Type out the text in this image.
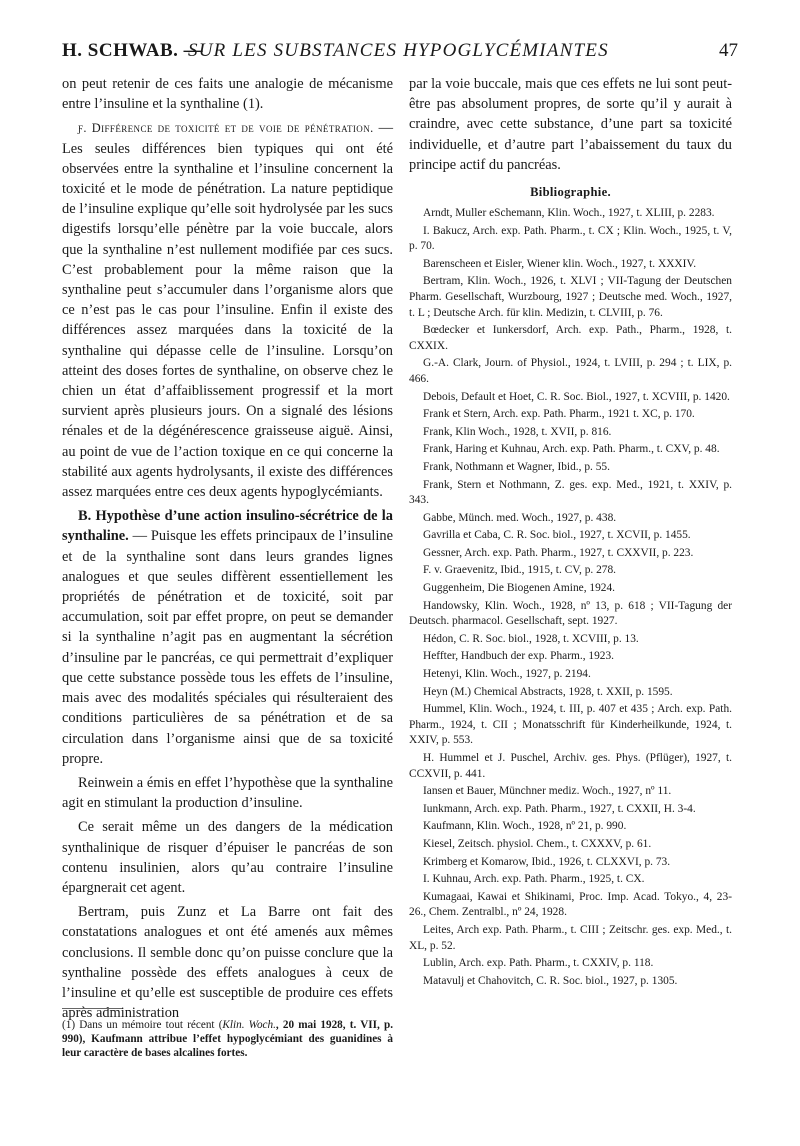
H. SCHWAB. —
SUR LES SUBSTANCES HYPOGLYCÉMIANTES	47

on peut retenir de ces faits une analogie de mécanisme entre l’insuline et la synthaline (1).

ƒ. Différence de toxicité et de voie de pénétration. — Les seules différences bien typiques qui ont été observées entre la synthaline et l’insuline concernent la toxicité et le mode de pénétration. La nature peptidique de l’insuline explique qu’elle soit hydrolysée par les sucs digestifs lorsqu’elle pénètre par la voie buccale, alors que la synthaline n’est nullement modifiée par ces sucs. C’est probablement pour la même raison que la synthaline peut s’accumuler dans l’organisme alors que ce n’est pas le cas pour l’insuline. Enfin il existe des différences assez marquées dans la toxicité de la synthaline qui dépasse celle de l’insuline. Lorsqu’on atteint des doses fortes de synthaline, on observe chez le chien un état d’affaiblissement progressif et la mort survient après plusieurs jours. On a signalé des lésions rénales et de la dégénérescence graisseuse aiguë. Ainsi, au point de vue de l’action toxique en ce qui concerne la stabilité aux agents hydrolysants, il existe des différences assez marquées entre ces deux agents hypoglycémiants.

B. Hypothèse d’une action insulino-sécrétrice de la synthaline. — Puisque les effets principaux de l’insuline et de la synthaline sont dans leurs grandes lignes analogues et que seules diffèrent essentiellement les propriétés de pénétration et de toxicité, soit par accumulation, soit par effet propre, on peut se demander si la synthaline n’agit pas en augmentant la sécrétion d’insuline par le pancréas, ce qui permettrait d’expliquer que cette substance possède tous les effets de l’insuline, mais avec des modalités spéciales qui résulteraient des conditions particulières de sa pénétration et de sa circulation dans l’organisme ainsi que de sa toxicité propre.

Reinwein a émis en effet l’hypothèse que la synthaline agit en stimulant la production d’insuline.

Ce serait même un des dangers de la médication synthalinique de risquer d’épuiser le pancréas de son contenu insulinien, alors qu’au contraire l’insuline épargnerait cet agent.

Bertram, puis Zunz et La Barre ont fait des constatations analogues et ont été amenés aux mêmes conclusions. Il semble donc qu’on puisse conclure que la synthaline possède des effets analogues à ceux de l’insuline et qu’elle est susceptible de produire ces effets après administration

(1) Dans un mémoire tout récent (Klin. Woch., 20 mai 1928, t. VII, p. 990), Kaufmann attribue l’effet hypoglycémiant des guanidines à leur caractère de bases alcalines fortes.

par la voie buccale, mais que ces effets ne lui sont peut-être pas absolument propres, de sorte qu’il y aurait à craindre, avec cette substance, d’une part sa toxicité individuelle, et d’autre part l’abaissement du taux du principe actif du pancréas.

Bibliographie.

Arndt, Muller eSchemann, Klin. Woch., 1927, t. XLIII, p. 2283.

I. Bakucz, Arch. exp. Path. Pharm., t. CX ; Klin. Woch., 1925, t. V, p. 70.

Barenscheen et Eisler, Wiener klin. Woch., 1927, t. XXXIV.

Bertram, Klin. Woch., 1926, t. XLVI ; VII-Tagung der Deutschen Pharm. Gesellschaft, Wurzbourg, 1927 ; Deutsche med. Woch., 1927, t. L ; Deutsche Arch. für klin. Medizin, t. CLVIII, p. 76.

Bœdecker et Iunkersdorf, Arch. exp. Path., Pharm., 1928, t. CXXIX.

G.-A. Clark, Journ. of Physiol., 1924, t. LVIII, p. 294 ; t. LIX, p. 466.

Debois, Default et Hoet, C. R. Soc. Biol., 1927, t. XCVIII, p. 1420.

Frank et Stern, Arch. exp. Path. Pharm., 1921 t. XC, p. 170.

Frank, Klin Woch., 1928, t. XVII, p. 816.

Frank, Haring et Kuhnau, Arch. exp. Path. Pharm., t. CXV, p. 48.

Frank, Nothmann et Wagner, Ibid., p. 55.

Frank, Stern et Nothmann, Z. ges. exp. Med., 1921, t. XXIV, p. 343.

Gabbe, Münch. med. Woch., 1927, p. 438.

Gavrilla et Caba, C. R. Soc. biol., 1927, t. XCVII, p. 1455.

Gessner, Arch. exp. Path. Pharm., 1927, t. CXXVII, p. 223.

F. v. Graevenitz, Ibid., 1915, t. CV, p. 278.

Guggenheim, Die Biogenen Amine, 1924.

Handowsky, Klin. Woch., 1928, nº 13, p. 618 ; VII-Tagung der Deutsch. pharmacol. Gesellschaft, sept. 1927.

Hédon, C. R. Soc. biol., 1928, t. XCVIII, p. 13.

Heffter, Handbuch der exp. Pharm., 1923.

Hetenyi, Klin. Woch., 1927, p. 2194.

Heyn (M.) Chemical Abstracts, 1928, t. XXII, p. 1595.

Hummel, Klin. Woch., 1924, t. III, p. 407 et 435 ; Arch. exp. Path. Pharm., 1924, t. CII ; Monatsschrift für Kinderheilkunde, 1924, t. XXIV, p. 553.

H. Hummel et J. Puschel, Archiv. ges. Phys. (Pflüger), 1927, t. CCXVII, p. 441.

Iansen et Bauer, Münchner mediz. Woch., 1927, nº 11.

Iunkmann, Arch. exp. Path. Pharm., 1927, t. CXXII, H. 3-4.

Kaufmann, Klin. Woch., 1928, nº 21, p. 990.

Kiesel, Zeitsch. physiol. Chem., t. CXXXV, p. 61.

Krimberg et Komarow, Ibid., 1926, t. CLXXVI, p. 73.

I. Kuhnau, Arch. exp. Path. Pharm., 1925, t. CX.

Kumagaai, Kawai et Shikinami, Proc. Imp. Acad. Tokyo., 4, 23-26., Chem. Zentralbl., nº 24, 1928.

Leites, Arch exp. Path. Pharm., t. CIII ; Zeitschr. ges. exp. Med., t. XL, p. 52.

Lublin, Arch. exp. Path. Pharm., t. CXXIV, p. 118.

Matavulj et Chahovitch, C. R. Soc. biol., 1927, p. 1305.
